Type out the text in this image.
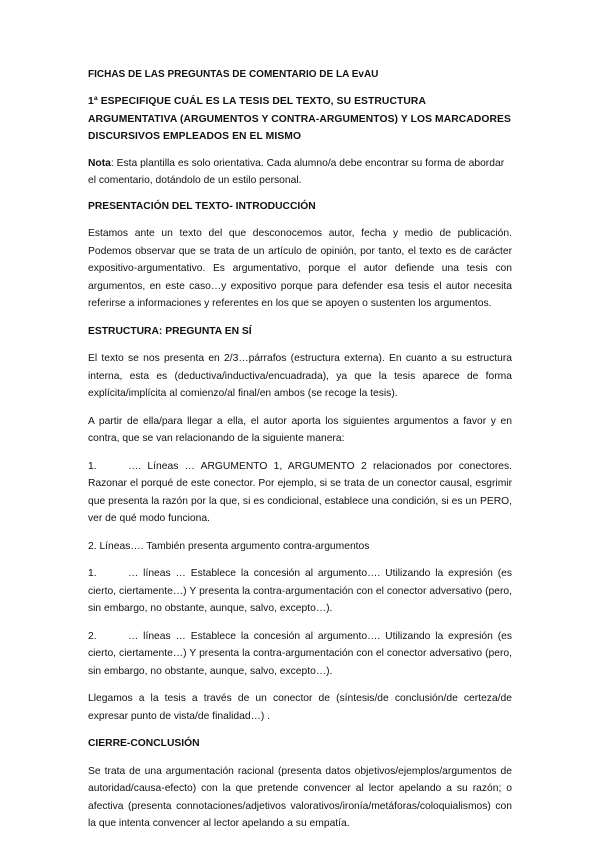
FICHAS DE LAS PREGUNTAS DE COMENTARIO DE LA EvAU

1ª ESPECIFIQUE CUÁL ES LA TESIS DEL TEXTO, SU ESTRUCTURA ARGUMENTATIVA (ARGUMENTOS Y CONTRA-ARGUMENTOS) Y LOS MARCADORES DISCURSIVOS EMPLEADOS EN EL MISMO

Nota: Esta plantilla es solo orientativa. Cada alumno/a debe encontrar su forma de abordar el comentario, dotándolo de un estilo personal.

PRESENTACIÓN DEL TEXTO- INTRODUCCIÓN

Estamos ante un texto del que desconocemos autor, fecha y medio de publicación. Podemos observar que se trata de un artículo de opinión, por tanto, el texto es de carácter expositivo-argumentativo. Es argumentativo, porque el autor defiende una tesis con argumentos, en este caso…y expositivo porque para defender esa tesis el autor necesita referirse a informaciones y referentes en los que se apoyen o sustenten los argumentos.

ESTRUCTURA: PREGUNTA EN SÍ

El texto se nos presenta en 2/3…párrafos (estructura externa). En cuanto a su estructura interna, esta es (deductiva/inductiva/encuadrada), ya que la tesis aparece de forma explícita/implícita al comienzo/al final/en ambos (se recoge la tesis).

A partir de ella/para llegar a ella, el autor aporta los siguientes argumentos a favor y en contra, que se van relacionando de la siguiente manera:

1.	…. Líneas … ARGUMENTO 1, ARGUMENTO 2 relacionados por conectores. Razonar el porqué de este conector. Por ejemplo, si se trata de un conector causal, esgrimir que presenta la razón por la que, si es condicional, establece una condición, si es un PERO, ver de qué modo funciona.

2. Líneas…. También presenta argumento contra-argumentos

1.	… líneas … Establece la concesión al argumento…. Utilizando la expresión (es cierto, ciertamente…) Y presenta la contra-argumentación con el conector adversativo (pero, sin embargo, no obstante, aunque, salvo, excepto…).

2.	… líneas … Establece la concesión al argumento…. Utilizando la expresión (es cierto, ciertamente…) Y presenta la contra-argumentación con el conector adversativo (pero, sin embargo, no obstante, aunque, salvo, excepto…).

Llegamos a la tesis a través de un conector de (síntesis/de conclusión/de certeza/de expresar punto de vista/de finalidad…) .

CIERRE-CONCLUSIÓN

Se trata de una argumentación racional (presenta datos objetivos/ejemplos/argumentos de autoridad/causa-efecto) con la que pretende convencer al lector apelando a su razón; o afectiva (presenta connotaciones/adjetivos valorativos/ironía/metáforas/coloquialismos) con la que intenta convencer al lector apelando a su empatía.
